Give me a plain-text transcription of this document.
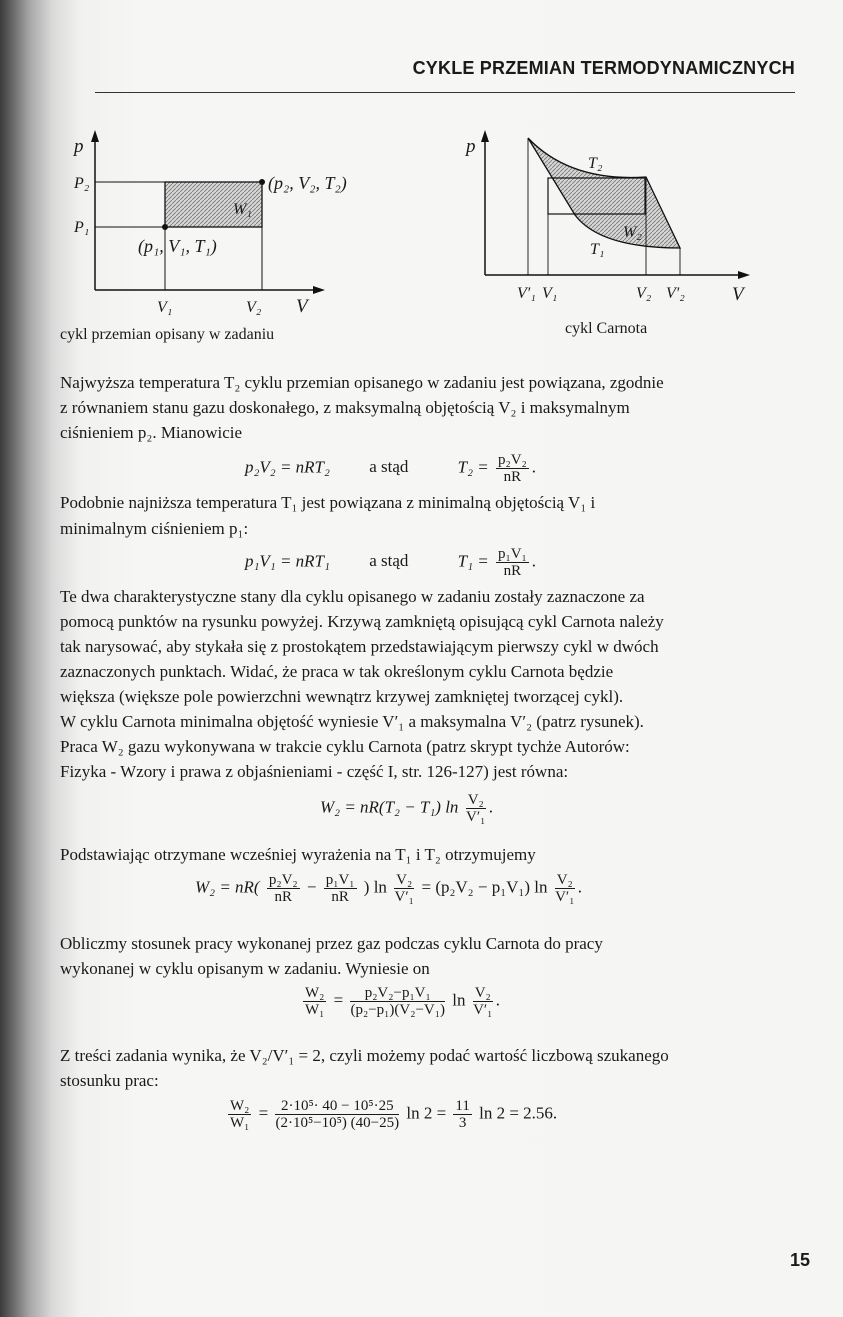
CYKLE PRZEMIAN TERMODYNAMICZNYCH
p
P₂
P₁
V₁	V₂ V
(p₂, V₂, T₂)
(p₁, V₁, T₁)
W₁
cykl przemian opisany w zadaniu
p
T₂
T₁
W₂
V′₁ V₁	V₂ V′₂ V
cykl Carnota
Najwyższa temperatura T₂ cyklu przemian opisanego w zadaniu jest powiązana, zgodnie
z równaniem stanu gazu doskonałego, z maksymalną objętością V₂ i maksymalnym
ciśnieniem p₂. Mianowicie
p₂V₂ = nRT₂ a stąd	$T_2 = \frac{\text{p₂V₂}}{nR}$ .
Podobnie najniższa temperatura T₁ jest powiązana z minimalną objętością V₁ i
minimalnym ciśnieniem p₁:
p₁V₁ = nRT₁ a stąd	$T_1 = \frac{\text{p₁V₁}}{nR}$ .
Te dwa charakterystyczne stany dla cyklu opisanego w zadaniu zostały zaznaczone za
pomocą punktów na rysunku powyżej. Krzywą zamkniętą opisującą cykl Carnota należy
tak narysować, aby stykała się z prostokątem przedstawiającym pierwszy cykl w dwóch
zaznaczonych punktach. Widać, że praca w tak określonym cyklu Carnota będzie
większa (większe pole powierzchni wewnątrz krzywej zamkniętej tworzącej cykl).
W cyklu Carnota minimalna objętość wyniesie V′₁ a maksymalna V′₂ (patrz rysunek).
Praca W₂ gazu wykonywana w trakcie cyklu Carnota (patrz skrypt tychże Autorów:
Fizyka - Wzory i prawa z objaśnieniami - część I, str. 126-127) jest równa:
W₂ = nR(T₂ − T₁) $\ln \frac{\text{V₂}}{\text{V′₁}}$ .
Podstawiając otrzymane wcześniej wyrażenia na T₁ i T₂ otrzymujemy
$W_2 = nR( \frac{\text{p₂V₂}}{nR} - \frac{\text{p₁V₁}}{nR}$ ) $\ln \frac{\text{V₂}}{\text{V′₁}} = (p_2V_2 - p_1V_1)$ $\ln \frac{\text{V₂}}{\text{V′₁}}$ .
Obliczmy stosunek pracy wykonanej przez gaz podczas cyklu Carnota do pracy
wykonanej w cyklu opisanym w zadaniu. Wyniesie on
$\frac{\text{W₂}}{\text{W₁}} = \frac{\text{p₂V₂−p₁V₁}}{\text{(p₂−p₁)(V₂−V₁)}}$ $\ln \frac{\text{V₂}}{\text{V′₁}}$ .
Z treści zadania wynika, że V₂/V′₁ = 2, czyli możemy podać wartość liczbową szukanego
stosunku prac:
$\frac{\text{W₂}}{\text{W₁}} = \frac{\text{2·10⁵· 40 − 10⁵·25}}{\text{(2·10⁵−10⁵) (40−25)}}$ $\ln 2 = \frac{11}{3}$ ln 2 = 2.56.
15
